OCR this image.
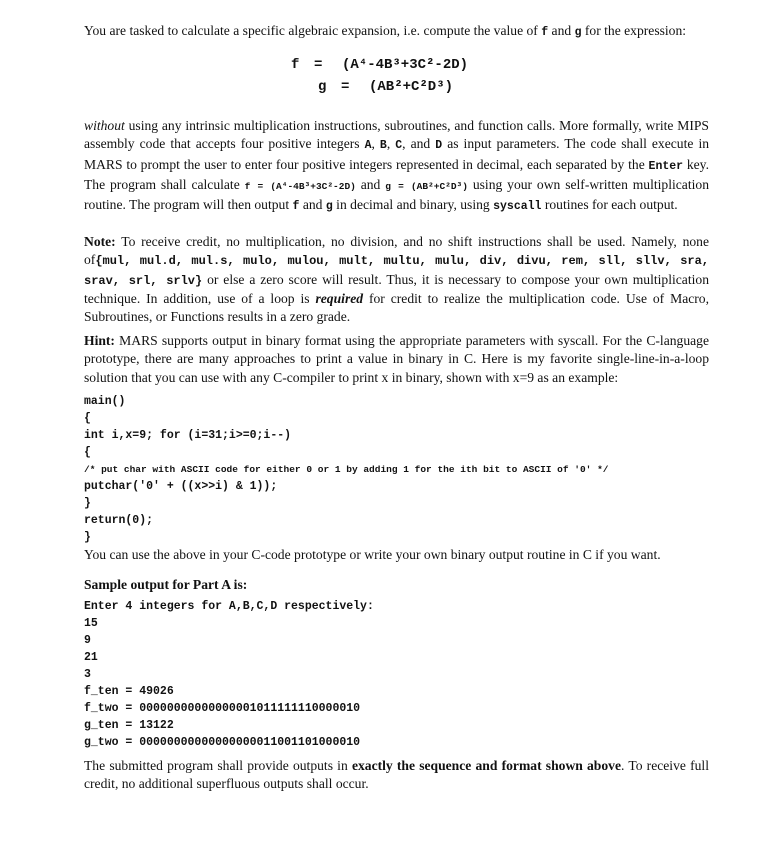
You are tasked to calculate a specific algebraic expansion, i.e. compute the value of f and g for the expression:

f = (A⁴-4B³+3C²-2D)
g = (AB²+C²D³)

without using any intrinsic multiplication instructions, subroutines, and function calls. More formally, write MIPS assembly code that accepts four positive integers A, B, C, and D as input parameters. The code shall execute in MARS to prompt the user to enter four positive integers represented in decimal, each separated by the Enter key. The program shall calculate f = (A⁴-4B³+3C²-2D) and g = (AB²+C²D³) using your own self-written multiplication routine. The program will then output f and g in decimal and binary, using syscall routines for each output.

Note: To receive credit, no multiplication, no division, and no shift instructions shall be used. Namely, none of{mul, mul.d, mul.s, mulo, mulou, mult, multu, mulu, div, divu, rem, sll, sllv, sra, srav, srl, srlv} or else a zero score will result. Thus, it is necessary to compose your own multiplication technique. In addition, use of a loop is required for credit to realize the multiplication code. Use of Macro, Subroutines, or Functions results in a zero grade.

Hint: MARS supports output in binary format using the appropriate parameters with syscall. For the C-language prototype, there are many approaches to print a value in binary in C. Here is my favorite single-line-in-a-loop solution that you can use with any C-compiler to print x in binary, shown with x=9 as an example:

main()
{
int i,x=9; for (i=31;i>=0;i--)
{
/* put char with ASCII code for either 0 or 1 by adding 1 for the ith bit to ASCII of '0' */
putchar('0' + ((x>>i) & 1));
}
return(0);
}

You can use the above in your C-code prototype or write your own binary output routine in C if you want.

Sample output for Part A is:

Enter 4 integers for A,B,C,D respectively:
15
9
21
3
f_ten = 49026
f_two = 00000000000000001011111110000010
g_ten = 13122
g_two = 00000000000000000011001101000010

The submitted program shall provide outputs in exactly the sequence and format shown above. To receive full credit, no additional superfluous outputs shall occur.
